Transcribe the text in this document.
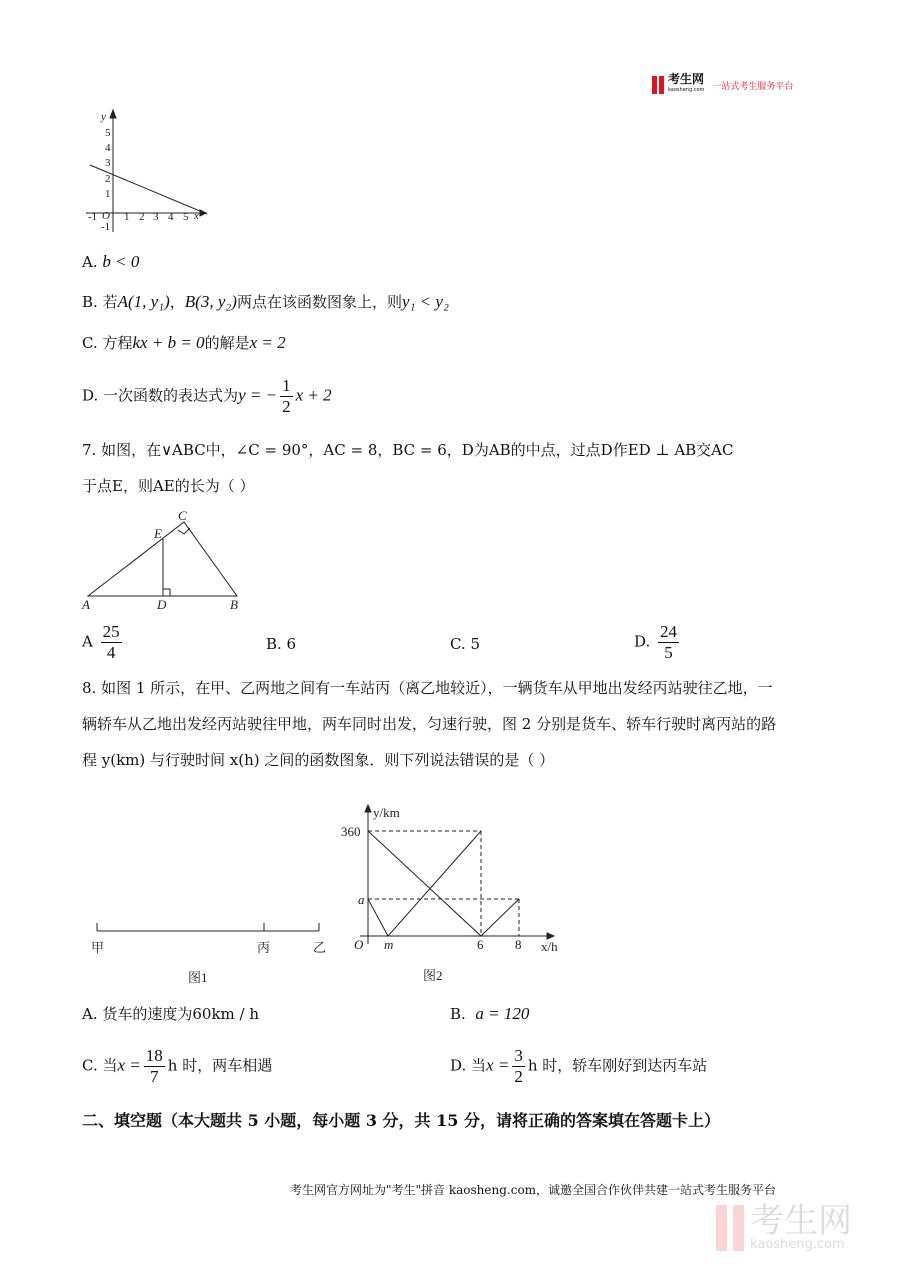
考生网
kaosheng.com 一站式考生服务平台
y
x
O
-1 1 2 3 4 5
-1
1
2
3
4
5
A. b < 0
B. 若A(1, y₁)，B(3, y₂)两点在该函数图象上，则y₁ < y₂
C. 方程kx + b = 0的解是x = 2
D. 一次函数的表达式为y = − $\frac{1}{2}$ x + 2
7. 如图，在∨ABC中，∠C = 90°，AC = 8，BC = 6，D为AB的中点，过点D作ED ⊥ AB交AC
于点E，则AE的长为（ ）
C
E
A	D	B
A $\frac{25}{4}$	B. 6	C. 5	D. $\frac{24}{5}$
8. 如图 1 所示，在甲、乙两地之间有一车站丙（离乙地较近），一辆货车从甲地出发经丙站驶往乙地，一
辆轿车从乙地出发经丙站驶往甲地，两车同时出发，匀速行驶，图 2 分别是货车、轿车行驶时离丙站的路
程 y(km) 与行驶时间 x(h) 之间的函数图象．则下列说法错误的是（ ）
甲	丙	乙
图1
y/km
360
a
O m	6 8 x/h
图2
A. 货车的速度为60km / h	B. a = 120
C. 当$x = \frac{18}{7}$ h 时，两车相遇	D. 当$x = \frac{3}{2}$ h 时，轿车刚好到达丙车站
二、填空题（本大题共 5 小题，每小题 3 分，共 15 分，请将正确的答案填在答题卡上）
考生网官方网址为"考生"拼音 kaosheng.com，诚邀全国合作伙伴共建一站式考生服务平台
考生网
kaosheng.com
